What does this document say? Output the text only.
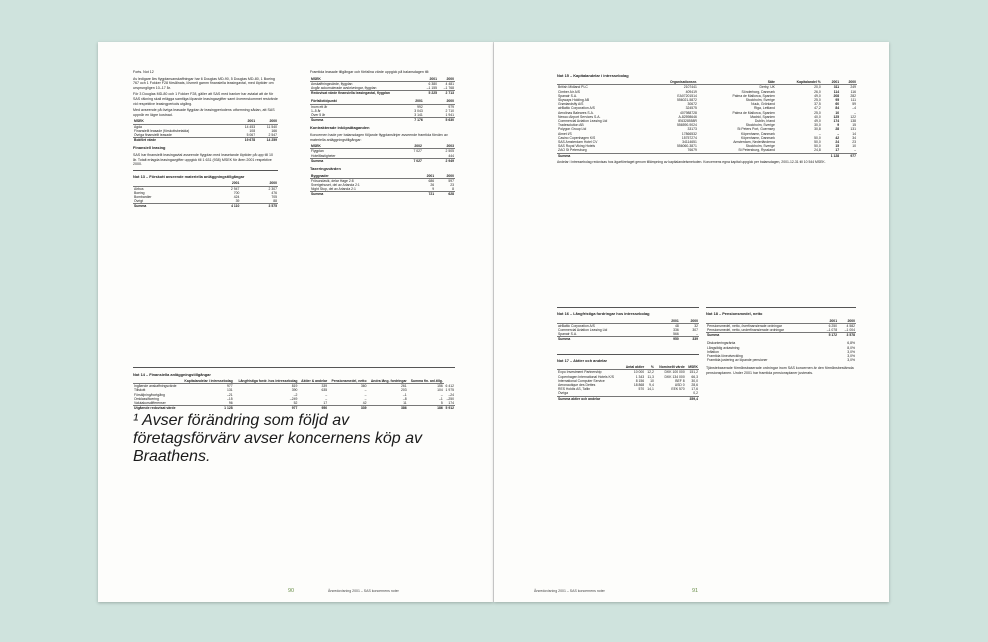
Forts. Not 12

Av ledigare års flygplansanskaffningar har 6 Douglas MD-90, 5 Douglas MD-80, 1 Boeing 767 och 1 Fokker F28 försålnats, lövmeit gamm finansiella leasingavtal, med löptider om ursprungligen 10–17 år.

För 3 Douglas MD-80 och 1 Fokker F28, gäller att SAS med banker har avtalat att de för SAS räkning skall erlägga samtliga löpande leasingavgifter samt överenskommet restvärde vid respektive leasingperiods utgång.

Med avseende på övriga leasade flygplan är leasingperiodens utformning sådan, att SAS uppnår en lägre kostnad.

MSEK	2001	2000
Agda	14 453	11 540
Finansiellt leasade (förskottsbetalda)	108	166
Övriga finansiellt leasade	5 067	2 547
Bokfört värde	19 678	14 259
Finansiell leasing

SAS har finansiellt leasingavtal avseende flygplan med leasetande löptider på upp till 10 år. Totalt erlagda leasingavgifter uppgick till 1 631 (938) MSEK för åren 2001 respektive 2000.

Not 13 – Förskott avseende materiella anläggningstillgångar
	2001	2000
Airbus	2 947	2 307
Boeing	700	476
Bombardier	424	705
Övrigt	39	88
Summa	4 110	3 575

Framtida leasade tillgångar och förfallna värde uppgick på balansdagen till:

MSEK	2001	2000
Anskaffningsvärde, flygplan	6 380	4 481
Avgår ackumulerade avskrivningar, flygplan	–1 155	–1 768
Redovisat värde finansiella leasingavtal, flygplan	5 225	2 713
Förfallotidpunkt	2001	2000
Inom ett år	992	979
1–5 år	3 043	2 710
Över 5 år	3 141	1 941
Summa	7 176	5 630
Kontrakterade inköpsåtaganden

Koncernen hade per balansdagen följande flygplanslinjer avseende framtida förvärv av materiella anläggningstillgångar:

MSEK	2002	2003
Flygplan	7 027	2 505
Hotellfastigheter		444
Summa	7 027	2 949
Taxeringsvärden
Byggnader	2001	2000
Frösundavik, delar Hage 2:8	686	597
Sverigehuset, del av Arlanda 2:1	26	23
Night Stop, del av Arlanda 2:1	9	8
Summa	721	628
Not 14 – Finansiella anläggningstillgångar
	Kapitalandelar i intressebolag	Långfristiga fordr. hos intressebolag	Aktier & andelar	Pensionsmedel, netto	Andra lång. fordringar	Summa fin. anl.tillg.	
Ingående anskaffningsvärde	977	819	339	360	261	156	6 412
Tillskott	131	390	635	–	203	104	1 975
Försäljning/bortgång	–21	–2	–	–	–1	–	–24
Omklassificering	–15	–249	–	–	–8	–1	–250
Valutakursdifferenser	96	52	17	42	11	5	174
Utgående redovisat värde	1 128	977	950	339	386	186	5 912

¹ Avser förändring som följd av företagsförvärv avser koncernens köp av Braathens.

90	Årsredovisning 2001 – SAS koncernens noter
Not 15 – Kapitalandelar i intressebolag
	Organisationsnr.	Säte	Kapitalandel %	2001	2000
British Midland PLC	2107441	Derby, UK	20,0	311	249
Cimber Air A/S	409419	Sönderborg, Danmark	26,0	114	116
Spanair S.A.	EA07201514	Palma de Mallorca, Spanien	49,0	208	282
Skyways Holding AB	556021-5872	Stockholm, Sverige	25,0	95	111
Grønlandsfly A/S	30672	Nuuk, Grönland	37,5	60	59
airBaltic Corporation A/S	324575	Riga, Lettland	47,2	84	–4
Aerolinas Baleares S.A.	407988728	Palma de Mallorca, Spanien	25,0	10	–
Newco Airport Services S.A.	A-82598646	Madrid, Spanien	40,0	125	122
Commercial Aviation Leasing Ltd	IE6328558R	Dublin, Irland	49,0	174	138
Tradesolution AB	556590-9024	Stockholm, Sverige	30,0	9	15
Polygon Group Ltd	33173	St Peters Port, Guernsey	30,8	28	131
Aimet I/S	17866532	Köpenhamn, Danmark	–	–	14
Casino Copenhagen K/S	15757274	Köpenhamn, Danmark	50,0	42	34
SAS Amsterdam Hotel CV	34114651	Amsterdam, Nederländerna	50,0	24	23
SAS Royal Viking Hotels	556060-3871	Stockholm, Sverige	50,0	15	10
ZAO St Petersburg	76679	St Petersburg, Ryssland	24,8	17	–
Summa				1 128	977

Andelar i intressebolag redovisas hos ägarföretaget genom tillämpning av kapitalandelsmetoden. Koncernens egna kapital uppgick per balansdagen, 2001-12-31 till 10 544 MSEK.

Not 16 – Långfristiga fordringar hos intressebolag
	2001	2000
airBaltic Corporation A/S	48	32
Commercial Aviation Leasing Ltd	336	307
Spanair S.A.	566	–
Summa	950	339
Not 17 – Aktier och andelar
	Antal aktier	%	Nominellt värde	MSEK
Expo Investment Partnership	10 000	12,2	DKK 100 000	151,2
Copenhagen International Hotels K/S	1 343	11,3	DKK 134 000	66,3
International Computer Service	8 156	10	BEF 8	30,0
Aeronautique des Dettes	18 868	9,4	USD 0	28,6
RES Holdis AS, Tallin	570	14,1	EEK 570	17,6
Övriga				0,2
Summa aktier och andelar				359,4
Not 18 – Pensionsmedel, netto
	2001	2000
Pensionsmedel, netto, överfinansierade ordningar	6 250	4 582
Pensionsmedel, netto, underfinansierade ordningar	–1 078	–1 004
Summa	5 172	3 578
Diskonteringsränta	6,8%
Långsiktig avkastning	8,0%
Inflation	3,0%
Framtida löneutveckling	3,0%
Framtida justering av löpande pensioner	3,0%

Tjänstebaserade förmånsbaserade ordningar inom SAS koncernen är den förmånsbestämda pensionsplanen. Under 2001 har framtida pensionsplaner justerats.

Årsredovisning 2001 – SAS koncernens noter	91
